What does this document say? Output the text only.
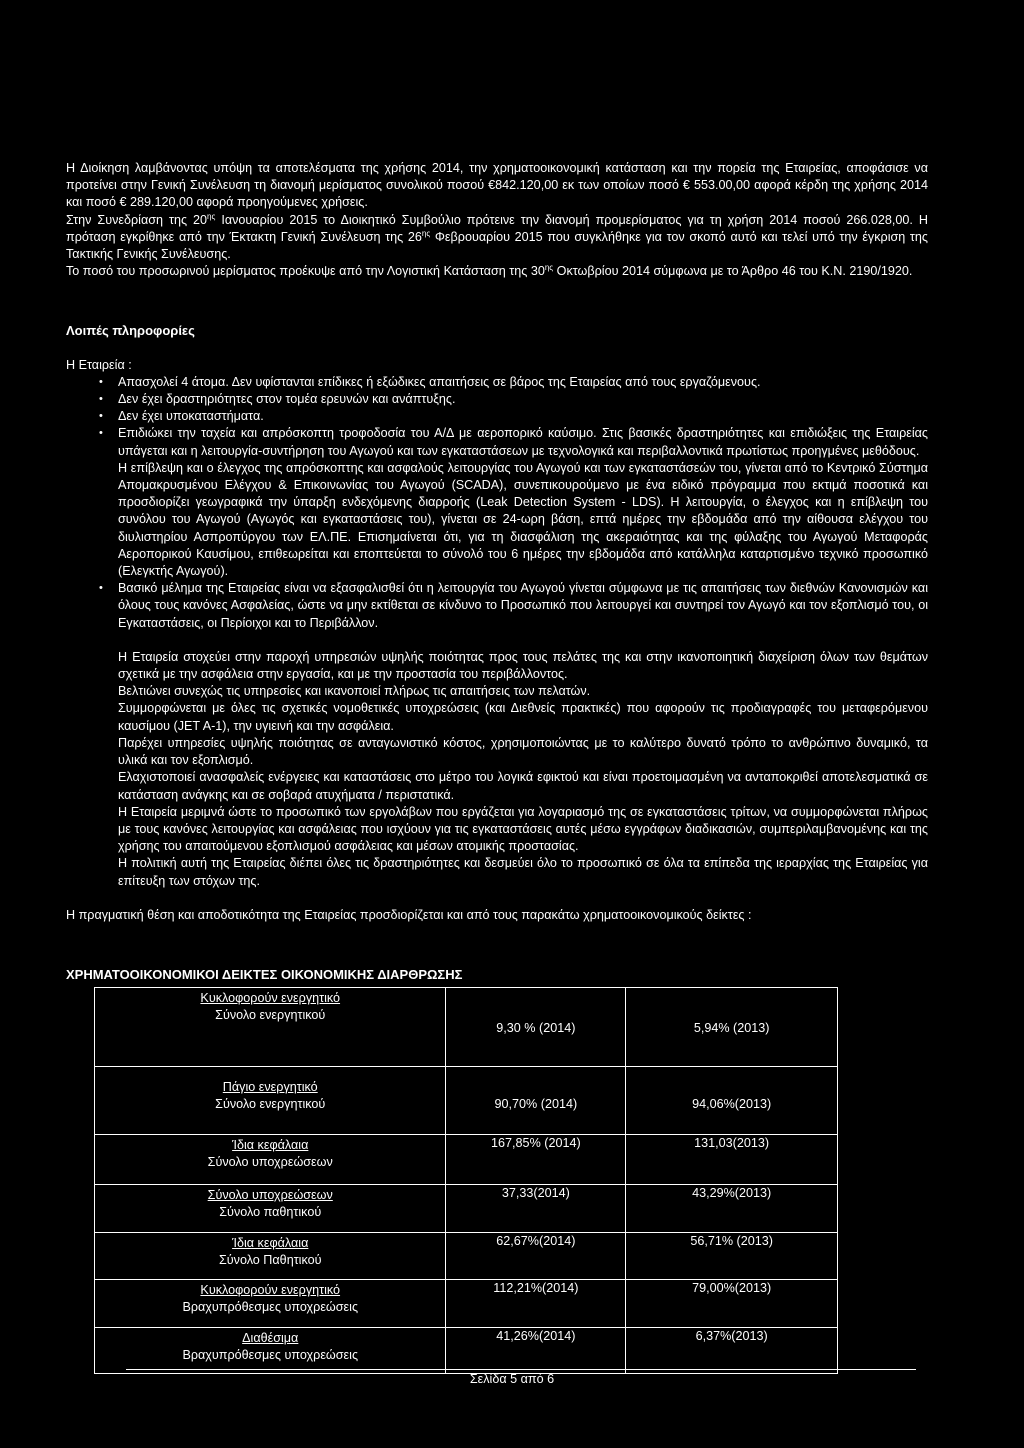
Η Διοίκηση λαμβάνοντας υπόψη τα αποτελέσματα της χρήσης 2014, την χρηματοοικονομική κατάσταση και την πορεία της Εταιρείας, αποφάσισε να προτείνει στην Γενική Συνέλευση τη διανομή μερίσματος συνολικού ποσού €842.120,00 εκ των οποίων ποσό € 553.00,00 αφορά κέρδη της χρήσης 2014 και ποσό € 289.120,00 αφορά προηγούμενες χρήσεις.

Στην Συνεδρίαση της $20^{\eta\varsigma}$ Ιανουαρίου 2015 το Διοικητικό Συμβούλιο πρότεινε την διανομή προμερίσματος για τη χρήση 2014 ποσού 266.028,00. Η πρόταση εγκρίθηκε από την Έκτακτη Γενική Συνέλευση της $26^{\eta\varsigma}$ Φεβρουαρίου 2015 που συγκλήθηκε για τον σκοπό αυτό και τελεί υπό την έγκριση της Τακτικής Γενικής Συνέλευσης.

Το ποσό του προσωρινού μερίσματος προέκυψε από την Λογιστική Κατάσταση της $30^{\eta\varsigma}$ Οκτωβρίου 2014 σύμφωνα με το Άρθρο 46 του Κ.Ν. 2190/1920.

Λοιπές πληροφορίες
Η Εταιρεία :
• Απασχολεί 4 άτομα. Δεν υφίστανται επίδικες ή εξώδικες απαιτήσεις σε βάρος της Εταιρείας από τους εργαζόμενους.

• Δεν έχει δραστηριότητες στον τομέα ερευνών και ανάπτυξης.

• Δεν έχει υποκαταστήματα.

• Επιδιώκει την ταχεία και απρόσκοπτη τροφοδοσία του Α/Δ με αεροπορικό καύσιμο. Στις βασικές δραστηριότητες και επιδιώξεις της Εταιρείας υπάγεται και η λειτουργία-συντήρηση του Αγωγού και των εγκαταστάσεων με τεχνολογικά και περιβαλλοντικά πρωτίστως προηγμένες μεθόδους.

Η επίβλεψη και ο έλεγχος της απρόσκοπτης και ασφαλούς λειτουργίας του Αγωγού και των εγκαταστάσεών του, γίνεται από το Κεντρικό Σύστημα Απομακρυσμένου Ελέγχου & Επικοινωνίας του Αγωγού (SCADA), συνεπικουρούμενο με ένα ειδικό πρόγραμμα που εκτιμά ποσοτικά και προσδιορίζει γεωγραφικά την ύπαρξη ενδεχόμενης διαρροής (Leak Detection System - LDS). Η λειτουργία, ο έλεγχος και η επίβλεψη του συνόλου του Αγωγού (Αγωγός και εγκαταστάσεις του), γίνεται σε 24-ωρη βάση, επτά ημέρες την εβδομάδα από την αίθουσα ελέγχου του διυλιστηρίου Ασπροπύργου των ΕΛ.ΠΕ. Επισημαίνεται ότι, για τη διασφάλιση της ακεραιότητας και της φύλαξης του Αγωγού Μεταφοράς Αεροπορικού Καυσίμου, επιθεωρείται και εποπτεύεται το σύνολό του 6 ημέρες την εβδομάδα από κατάλληλα καταρτισμένο τεχνικό προσωπικό (Ελεγκτής Αγωγού).

• Βασικό μέλημα της Εταιρείας είναι να εξασφαλισθεί ότι η λειτουργία του Αγωγού γίνεται σύμφωνα με τις απαιτήσεις των διεθνών Κανονισμών και όλους τους κανόνες Ασφαλείας, ώστε να μην εκτίθεται σε κίνδυνο το Προσωπικό που λειτουργεί και συντηρεί τον Αγωγό και τον εξοπλισμό του, οι Εγκαταστάσεις, οι Περίοιχοι και το Περιβάλλον.

Η Εταιρεία στοχεύει στην παροχή υπηρεσιών υψηλής ποιότητας προς τους πελάτες της και στην ικανοποιητική διαχείριση όλων των θεμάτων σχετικά με την ασφάλεια στην εργασία, και με την προστασία του περιβάλλοντος.

Βελτιώνει συνεχώς τις υπηρεσίες και ικανοποιεί πλήρως τις απαιτήσεις των πελατών.

Συμμορφώνεται με όλες τις σχετικές νομοθετικές υποχρεώσεις (και Διεθνείς πρακτικές) που αφορούν τις προδιαγραφές του μεταφερόμενου καυσίμου (JET A-1), την υγιεινή και την ασφάλεια.

Παρέχει υπηρεσίες υψηλής ποιότητας σε ανταγωνιστικό κόστος, χρησιμοποιώντας με το καλύτερο δυνατό τρόπο το ανθρώπινο δυναμικό, τα υλικά και τον εξοπλισμό.

Ελαχιστοποιεί ανασφαλείς ενέργειες και καταστάσεις στο μέτρο του λογικά εφικτού και είναι προετοιμασμένη να ανταποκριθεί αποτελεσματικά σε κατάσταση ανάγκης και σε σοβαρά ατυχήματα / περιστατικά.

Η Εταιρεία μεριμνά ώστε το προσωπικό των εργολάβων που εργάζεται για λογαριασμό της σε εγκαταστάσεις τρίτων, να συμμορφώνεται πλήρως με τους κανόνες λειτουργίας και ασφάλειας που ισχύουν για τις εγκαταστάσεις αυτές μέσω εγγράφων διαδικασιών, συμπεριλαμβανομένης και της χρήσης του απαιτούμενου εξοπλισμού ασφάλειας και μέσων ατομικής προστασίας.

Η πολιτική αυτή της Εταιρείας διέπει όλες τις δραστηριότητες και δεσμεύει όλο το προσωπικό σε όλα τα επίπεδα της ιεραρχίας της Εταιρείας για επίτευξη των στόχων της.

Η πραγματική θέση και αποδοτικότητα της Εταιρείας προσδιορίζεται και από τους παρακάτω χρηματοοικονομικούς δείκτες :

ΧΡΗΜΑΤΟΟΙΚΟΝΟΜΙΚΟΙ ΔΕΙΚΤΕΣ ΟΙΚΟΝΟΜΙΚΗΣ ΔΙΑΡΘΡΩΣΗΣ
Κυκλοφορούν ενεργητικό
Σύνολο ενεργητικού	9,30 % (2014)	5,94% (2013)

Πάγιο ενεργητικό
Σύνολο ενεργητικού	90,70% (2014)	94,06%(2013)

Ίδια κεφάλαια
Σύνολο υποχρεώσεων	167,85% (2014)	131,03(2013)

Σύνολο υποχρεώσεων
Σύνολο παθητικού	37,33(2014)	43,29%(2013)

Ίδια κεφάλαια
Σύνολο Παθητικού	62,67%(2014)	56,71% (2013)

Κυκλοφορούν ενεργητικό
Βραχυπρόθεσμες υποχρεώσεις	112,21%(2014)	79,00%(2013)

Διαθέσιμα
Βραχυπρόθεσμες υποχρεώσεις	41,26%(2014)	6,37%(2013)
Σελίδα 5 από 6
